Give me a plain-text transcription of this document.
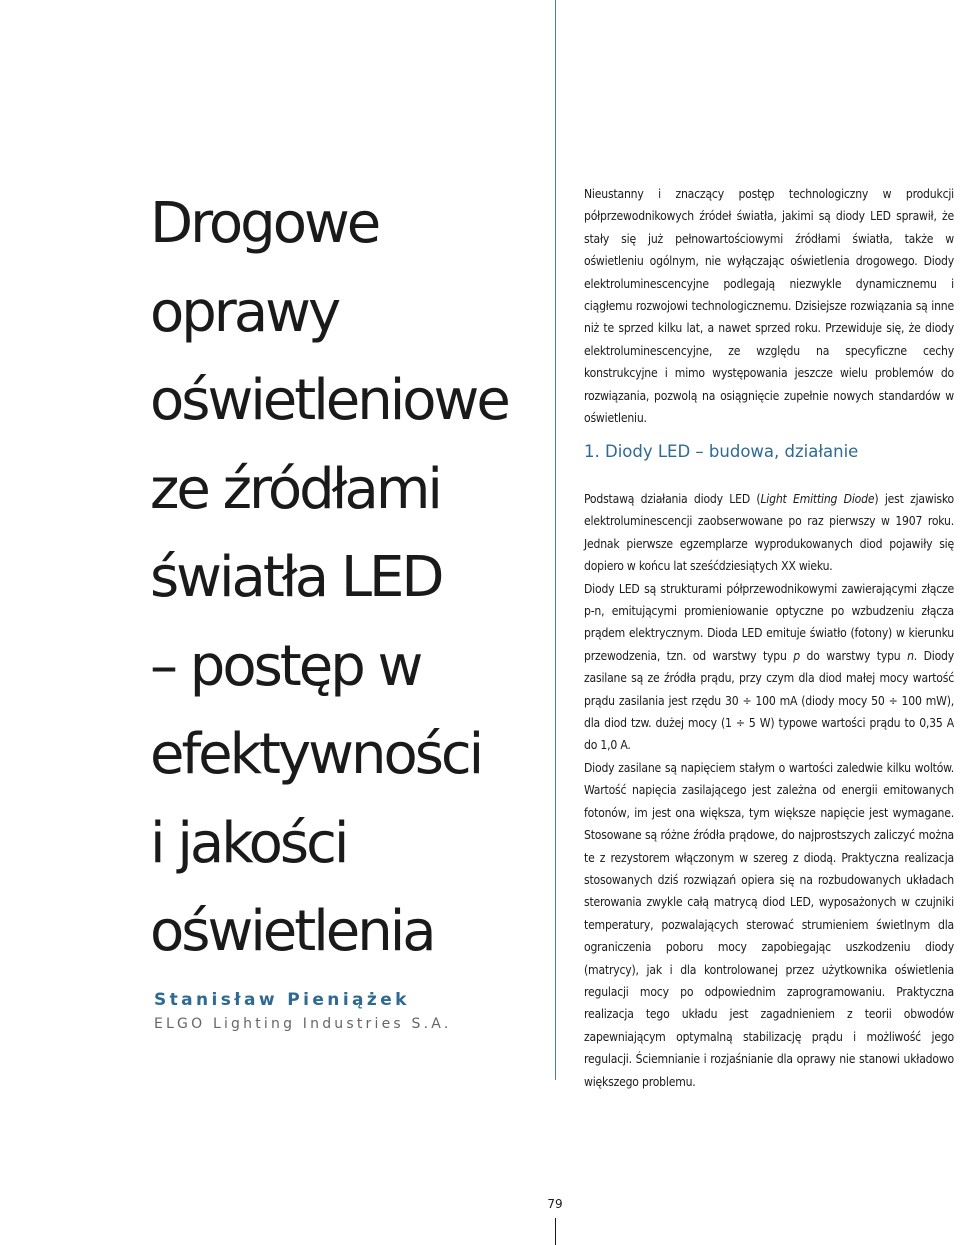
Drogowe
oprawy
oświetleniowe
ze źródłami
światła LED
– postęp w
efektywności
i jakości
oświetlenia
Stanisław Pieniążek
ELGO Lighting Industries S.A.

Nieustanny i znaczący postęp technologiczny w produkcji półprzewodnikowych źródeł światła, jakimi są diody LED sprawił, że stały się już pełnowartościowymi źródłami światła, także w oświetleniu ogólnym, nie wyłączając oświetlenia drogowego. Diody elektroluminescencyjne podlegają niezwykle dynamicznemu i ciągłemu rozwojowi technologicznemu. Dzisiejsze rozwiązania są inne niż te sprzed kilku lat, a nawet sprzed roku. Przewiduje się, że diody elektroluminescencyjne, ze względu na specyficzne cechy konstrukcyjne i mimo występowania jeszcze wielu problemów do rozwiązania, pozwolą na osiągnięcie zupełnie nowych standardów w oświetleniu.

1. Diody LED – budowa, działanie

Podstawą działania diody LED (Light Emitting Diode) jest zjawisko elektroluminescencji zaobserwowane po raz pierwszy w 1907 roku. Jednak pierwsze egzemplarze wyprodukowanych diod pojawiły się dopiero w końcu lat sześćdziesiątych XX wieku.

Diody LED są strukturami półprzewodnikowymi zawierającymi złącze p-n, emitującymi promieniowanie optyczne po wzbudzeniu złącza prądem elektrycznym. Dioda LED emituje światło (fotony) w kierunku przewodzenia, tzn. od warstwy typu p do warstwy typu n. Diody zasilane są ze źródła prądu, przy czym dla diod małej mocy wartość prądu zasilania jest rzędu 30 ÷ 100 mA (diody mocy 50 ÷ 100 mW), dla diod tzw. dużej mocy (1 ÷ 5 W) typowe wartości prądu to 0,35 A do 1,0 A.

Diody zasilane są napięciem stałym o wartości zaledwie kilku woltów. Wartość napięcia zasilającego jest zależna od energii emitowanych fotonów, im jest ona większa, tym większe napięcie jest wymagane. Stosowane są różne źródła prądowe, do najprostszych zaliczyć można te z rezystorem włączonym w szereg z diodą. Praktyczna realizacja stosowanych dziś rozwiązań opiera się na rozbudowanych układach sterowania zwykle całą matrycą diod LED, wyposażonych w czujniki temperatury, pozwalających sterować strumieniem świetlnym dla ograniczenia poboru mocy zapobiegając uszkodzeniu diody (matrycy), jak i dla kontrolowanej przez użytkownika oświetlenia regulacji mocy po odpowiednim zaprogramowaniu. Praktyczna realizacja tego układu jest zagadnieniem z teorii obwodów zapewniającym optymalną stabilizację prądu i możliwość jego regulacji. Ściemnianie i rozjaśnianie dla oprawy nie stanowi układowo większego problemu.

79
